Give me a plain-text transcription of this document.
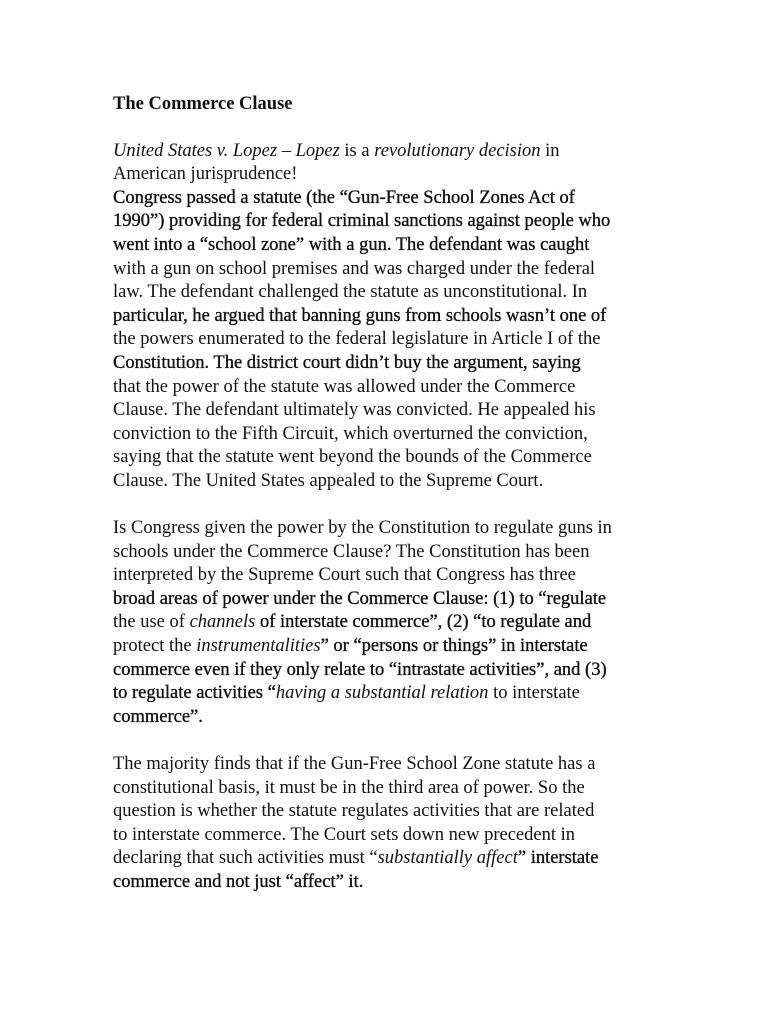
The Commerce Clause
United States v. Lopez – Lopez is a revolutionary decision in
American jurisprudence!
Congress passed a statute (the “Gun-Free School Zones Act of
1990”) providing for federal criminal sanctions against people who
went into a “school zone” with a gun. The defendant was caught
with a gun on school premises and was charged under the federal
law. The defendant challenged the statute as unconstitutional. In
particular, he argued that banning guns from schools wasn’t one of
the powers enumerated to the federal legislature in Article I of the
Constitution. The district court didn’t buy the argument, saying
that the power of the statute was allowed under the Commerce
Clause. The defendant ultimately was convicted. He appealed his
conviction to the Fifth Circuit, which overturned the conviction,
saying that the statute went beyond the bounds of the Commerce
Clause. The United States appealed to the Supreme Court.
Is Congress given the power by the Constitution to regulate guns in
schools under the Commerce Clause? The Constitution has been
interpreted by the Supreme Court such that Congress has three
broad areas of power under the Commerce Clause: (1) to “regulate
the use of channels of interstate commerce”, (2) “to regulate and
protect the instrumentalities” or “persons or things” in interstate
commerce even if they only relate to “intrastate activities”, and (3)
to regulate activities “having a substantial relation to interstate
commerce”.
The majority finds that if the Gun-Free School Zone statute has a
constitutional basis, it must be in the third area of power. So the
question is whether the statute regulates activities that are related
to interstate commerce. The Court sets down new precedent in
declaring that such activities must “substantially affect” interstate
commerce and not just “affect” it.
